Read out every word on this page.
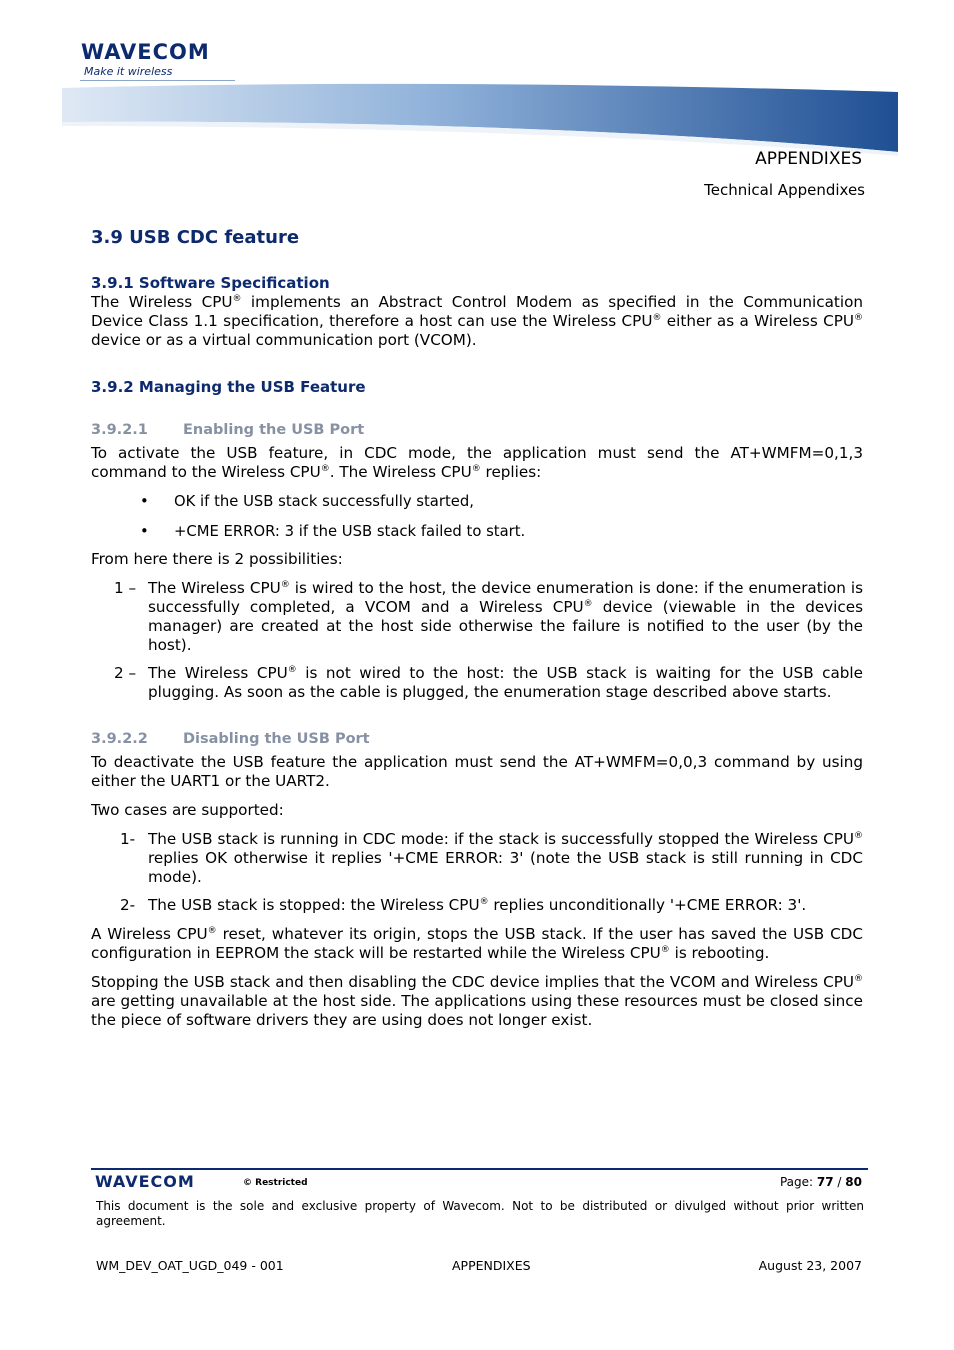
WAVECOM
Make it wireless
APPENDIXES
Technical Appendixes
3.9 USB CDC feature
3.9.1 Software Specification

The Wireless CPU® implements an Abstract Control Modem as specified in the Communication Device Class 1.1 specification, therefore a host can use the Wireless CPU® either as a Wireless CPU® device or as a virtual communication port (VCOM).

3.9.2 Managing the USB Feature
3.9.2.1 Enabling the USB Port

To activate the USB feature, in CDC mode, the application must send the AT+WMFM=0,1,3 command to the Wireless CPU®. The Wireless CPU® replies:

• OK if the USB stack successfully started,

• +CME ERROR: 3 if the USB stack failed to start.

From here there is 2 possibilities:

1 – The Wireless CPU® is wired to the host, the device enumeration is done: if the enumeration is successfully completed, a VCOM and a Wireless CPU® device (viewable in the devices manager) are created at the host side otherwise the failure is notified to the user (by the host).
2 – The Wireless CPU® is not wired to the host: the USB stack is waiting for the USB cable plugging. As soon as the cable is plugged, the enumeration stage described above starts.
3.9.2.2 Disabling the USB Port

To deactivate the USB feature the application must send the AT+WMFM=0,0,3 command by using either the UART1 or the UART2.

Two cases are supported:

1- The USB stack is running in CDC mode: if the stack is successfully stopped the Wireless CPU® replies OK otherwise it replies '+CME ERROR: 3' (note the USB stack is still running in CDC mode).
2- The USB stack is stopped: the Wireless CPU® replies unconditionally '+CME ERROR: 3'.

A Wireless CPU® reset, whatever its origin, stops the USB stack. If the user has saved the USB CDC configuration in EEPROM the stack will be restarted while the Wireless CPU® is rebooting.

Stopping the USB stack and then disabling the CDC device implies that the VCOM and Wireless CPU® are getting unavailable at the host side. The applications using these resources must be closed since the piece of software drivers they are using does not longer exist.

WAVECOM	© Restricted	Page: 77 / 80
This document is the sole and exclusive property of Wavecom. Not to be distributed or divulged without prior written agreement.
WM_DEV_OAT_UGD_049 - 001	APPENDIXES	August 23, 2007
